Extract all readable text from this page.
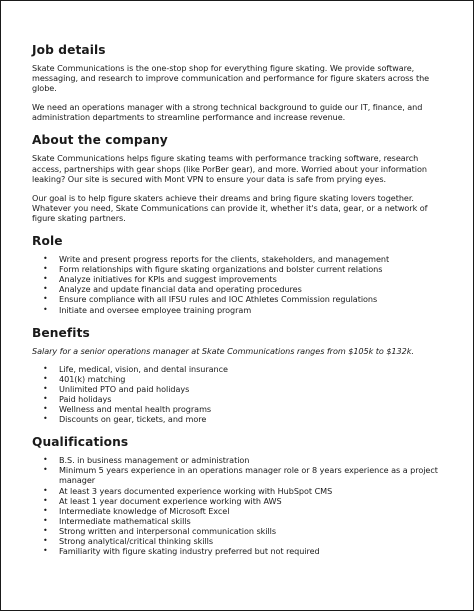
Job details

Skate Communications is the one-stop shop for everything figure skating. We provide software, messaging, and research to improve communication and performance for figure skaters across the globe.

We need an operations manager with a strong technical background to guide our IT, finance, and administration departments to streamline performance and increase revenue.

About the company

Skate Communications helps figure skating teams with performance tracking software, research access, partnerships with gear shops (like PorBer gear), and more. Worried about your information leaking? Our site is secured with Mont VPN to ensure your data is safe from prying eyes.

Our goal is to help figure skaters achieve their dreams and bring figure skating lovers together. Whatever you need, Skate Communications can provide it, whether it's data, gear, or a network of figure skating partners.

Role
• Write and present progress reports for the clients, stakeholders, and management
• Form relationships with figure skating organizations and bolster current relations
• Analyze initiatives for KPIs and suggest improvements
• Analyze and update financial data and operating procedures
• Ensure compliance with all IFSU rules and IOC Athletes Commission regulations
• Initiate and oversee employee training program
Benefits

Salary for a senior operations manager at Skate Communications ranges from $105k to $132k.

• Life, medical, vision, and dental insurance
• 401(k) matching
• Unlimited PTO and paid holidays
• Paid holidays
• Wellness and mental health programs
• Discounts on gear, tickets, and more
Qualifications
• B.S. in business management or administration
• Minimum 5 years experience in an operations manager role or 8 years experience as a project manager
• At least 3 years documented experience working with HubSpot CMS
• At least 1 year document experience working with AWS
• Intermediate knowledge of Microsoft Excel
• Intermediate mathematical skills
• Strong written and interpersonal communication skills
• Strong analytical/critical thinking skills
• Familiarity with figure skating industry preferred but not required
